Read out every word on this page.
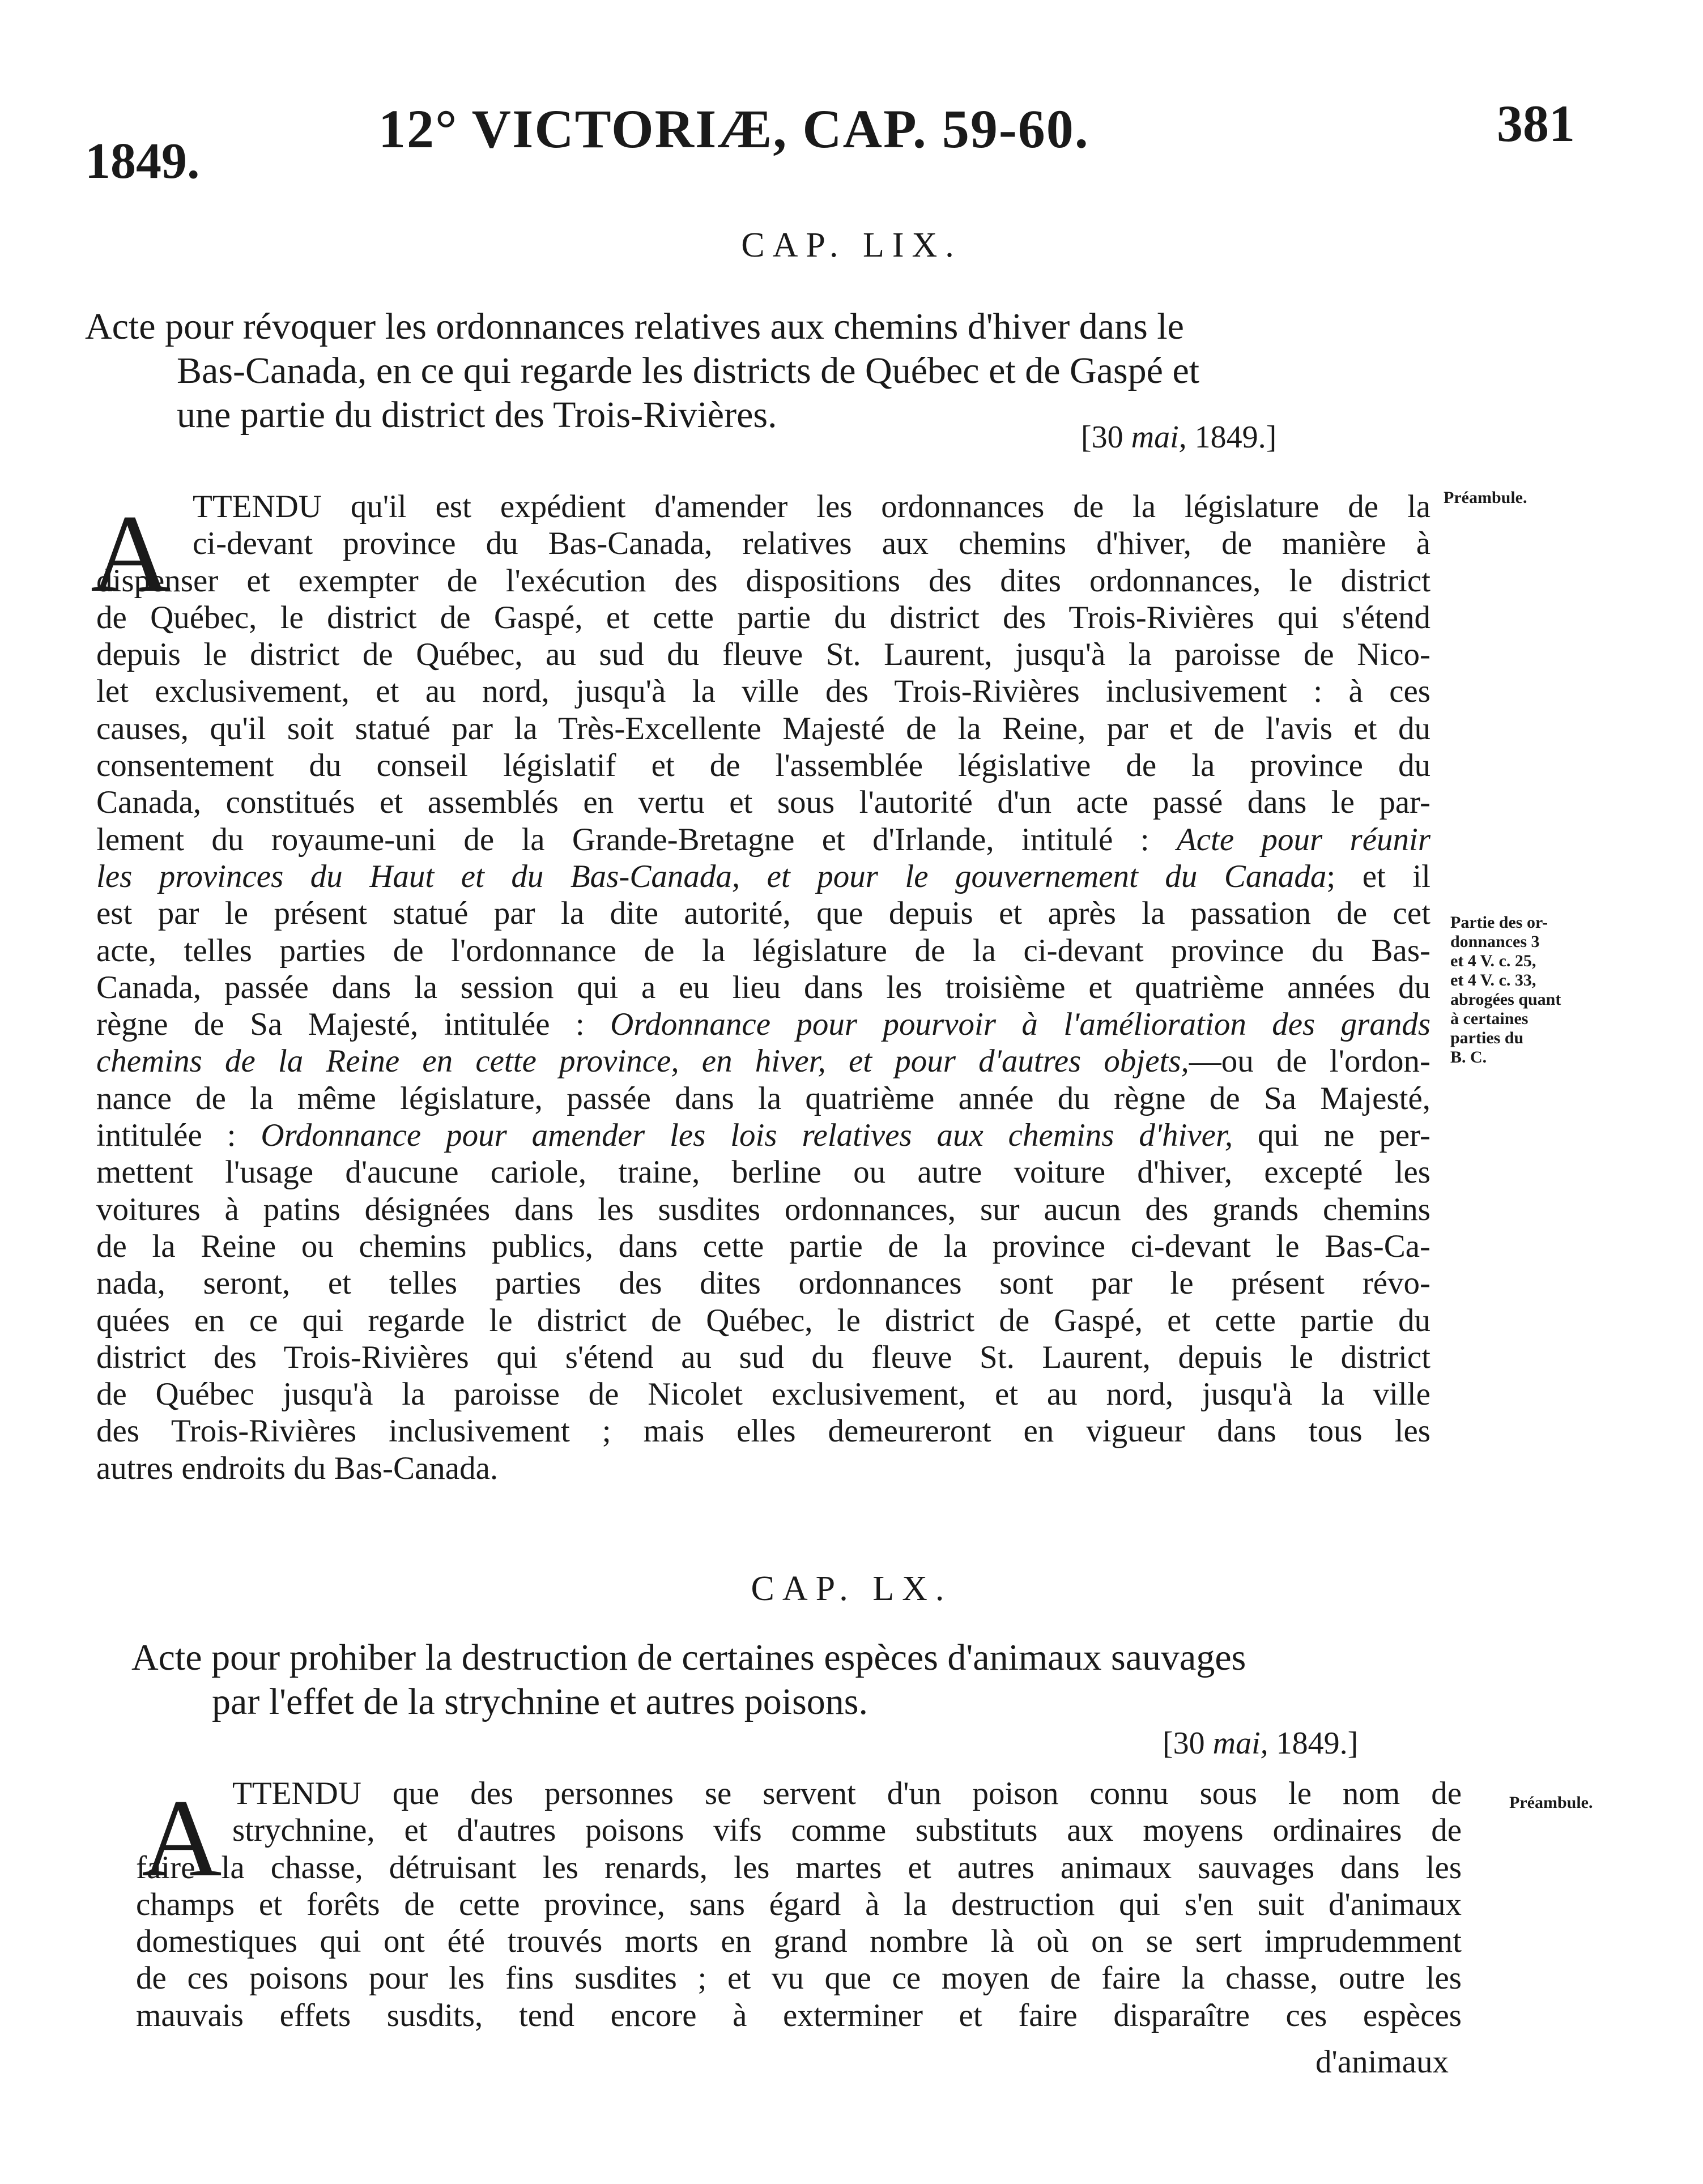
1849.
12° VICTORIÆ, CAP. 59-60.	381
CAP. LIX.
Acte pour révoquer les ordonnances relatives aux chemins d'hiver dans le
Bas-Canada, en ce qui regarde les districts de Québec et de Gaspé et
une partie du district des Trois-Rivières.
[30 mai, 1849.]
A	Préambule.
Partie des or-
donnances 3
et 4 V. c. 25,
et 4 V. c. 33,
abrogées quant
à certaines
parties du
B. C.
TTENDU qu'il est expédient d'amender les ordonnances de la législature de la
ci-devant province du Bas-Canada, relatives aux chemins d'hiver, de manière à
dispenser et exempter de l'exécution des dispositions des dites ordonnances, le district
de Québec, le district de Gaspé, et cette partie du district des Trois-Rivières qui s'étend
depuis le district de Québec, au sud du fleuve St. Laurent, jusqu'à la paroisse de Nico-
let exclusivement, et au nord, jusqu'à la ville des Trois-Rivières inclusivement : à ces
causes, qu'il soit statué par la Très-Excellente Majesté de la Reine, par et de l'avis et du
consentement du conseil législatif et de l'assemblée législative de la province du
Canada, constitués et assemblés en vertu et sous l'autorité d'un acte passé dans le par-
lement du royaume-uni de la Grande-Bretagne et d'Irlande, intitulé : Acte pour réunir
les provinces du Haut et du Bas-Canada, et pour le gouvernement du Canada; et il
est par le présent statué par la dite autorité, que depuis et après la passation de cet
acte, telles parties de l'ordonnance de la législature de la ci-devant province du Bas-
Canada, passée dans la session qui a eu lieu dans les troisième et quatrième années du
règne de Sa Majesté, intitulée : Ordonnance pour pourvoir à l'amélioration des grands
chemins de la Reine en cette province, en hiver, et pour d'autres objets,—ou de l'ordon-
nance de la même législature, passée dans la quatrième année du règne de Sa Majesté,
intitulée : Ordonnance pour amender les lois relatives aux chemins d'hiver, qui ne per-
mettent l'usage d'aucune cariole, traine, berline ou autre voiture d'hiver, excepté les
voitures à patins désignées dans les susdites ordonnances, sur aucun des grands chemins
de la Reine ou chemins publics, dans cette partie de la province ci-devant le Bas-Ca-
nada, seront, et telles parties des dites ordonnances sont par le présent révo-
quées en ce qui regarde le district de Québec, le district de Gaspé, et cette partie du
district des Trois-Rivières qui s'étend au sud du fleuve St. Laurent, depuis le district
de Québec jusqu'à la paroisse de Nicolet exclusivement, et au nord, jusqu'à la ville
des Trois-Rivières inclusivement ; mais elles demeureront en vigueur dans tous les
autres endroits du Bas-Canada.
CAP. LX.
Acte pour prohiber la destruction de certaines espèces d'animaux sauvages
par l'effet de la strychnine et autres poisons.
[30 mai, 1849.]
A	Préambule.
TTENDU que des personnes se servent d'un poison connu sous le nom de
strychnine, et d'autres poisons vifs comme substituts aux moyens ordinaires de
faire la chasse, détruisant les renards, les martes et autres animaux sauvages dans les
champs et forêts de cette province, sans égard à la destruction qui s'en suit d'animaux
domestiques qui ont été trouvés morts en grand nombre là où on se sert imprudemment
de ces poisons pour les fins susdites ; et vu que ce moyen de faire la chasse, outre les
mauvais effets susdits, tend encore à exterminer et faire disparaître ces espèces
d'animaux
